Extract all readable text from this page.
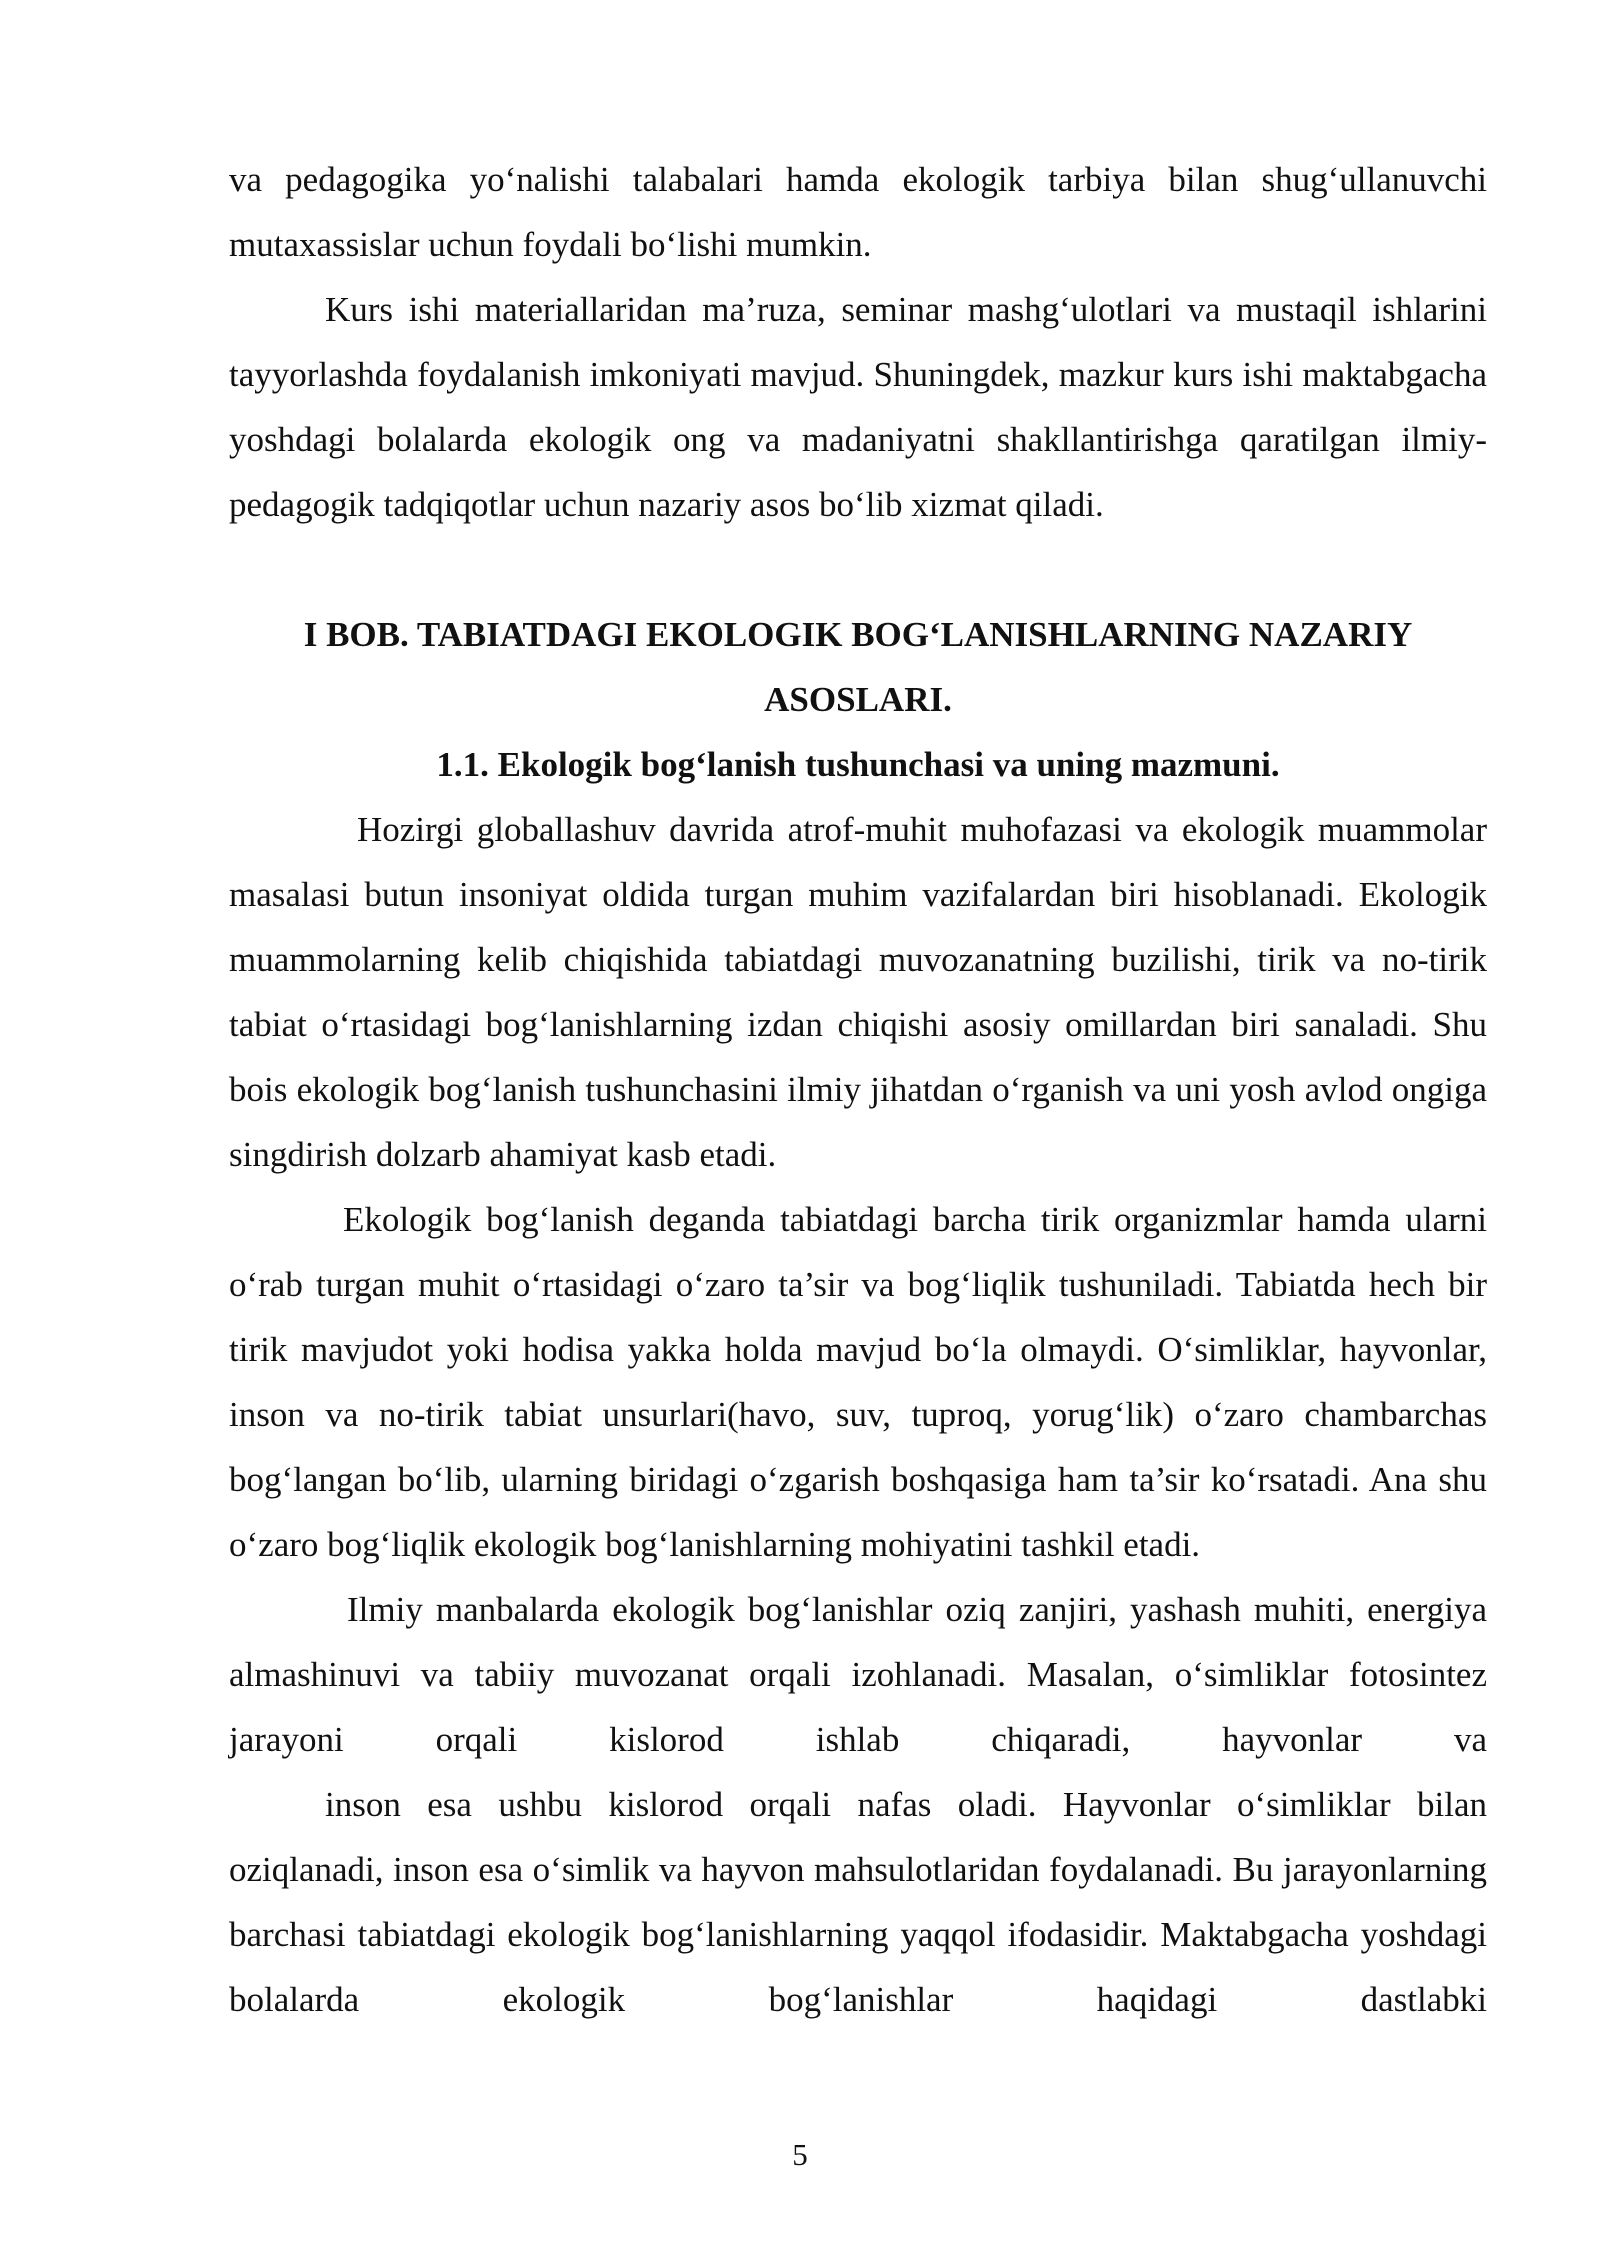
va pedagogika yo‘nalishi talabalari hamda ekologik tarbiya bilan shug‘ullanuvchi mutaxassislar uchun foydali bo‘lishi mumkin.

Kurs ishi materiallaridan ma’ruza, seminar mashg‘ulotlari va mustaqil ishlarini tayyorlashda foydalanish imkoniyati mavjud. Shuningdek, mazkur kurs ishi maktabgacha yoshdagi bolalarda ekologik ong va madaniyatni shakllantirishga qaratilgan ilmiy-pedagogik tadqiqotlar uchun nazariy asos bo‘lib xizmat qiladi.

I BOB. TABIATDAGI EKOLOGIK BOG‘LANISHLARNING NAZARIY

ASOSLARI.

1.1. Ekologik bog‘lanish tushunchasi va uning mazmuni.

Hozirgi globallashuv davrida atrof-muhit muhofazasi va ekologik muammolar masalasi butun insoniyat oldida turgan muhim vazifalardan biri hisoblanadi. Ekologik muammolarning kelib chiqishida tabiatdagi muvozanatning buzilishi, tirik va no-tirik tabiat o‘rtasidagi bog‘lanishlarning izdan chiqishi asosiy omillardan biri sanaladi. Shu bois ekologik bog‘lanish tushunchasini ilmiy jihatdan o‘rganish va uni yosh avlod ongiga singdirish dolzarb ahamiyat kasb etadi.

Ekologik bog‘lanish deganda tabiatdagi barcha tirik organizmlar hamda ularni o‘rab turgan muhit o‘rtasidagi o‘zaro ta’sir va bog‘liqlik tushuniladi. Tabiatda hech bir tirik mavjudot yoki hodisa yakka holda mavjud bo‘la olmaydi. O‘simliklar, hayvonlar, inson va no-tirik tabiat unsurlari(havo, suv, tuproq, yorug‘lik) o‘zaro chambarchas bog‘langan bo‘lib, ularning biridagi o‘zgarish boshqasiga ham ta’sir ko‘rsatadi. Ana shu o‘zaro bog‘liqlik ekologik bog‘lanishlarning mohiyatini tashkil etadi.

Ilmiy manbalarda ekologik bog‘lanishlar oziq zanjiri, yashash muhiti, energiya almashinuvi va tabiiy muvozanat orqali izohlanadi. Masalan, o‘simliklar fotosintez jarayoni orqali kislorod ishlab chiqaradi, hayvonlar va

inson esa ushbu kislorod orqali nafas oladi. Hayvonlar o‘simliklar bilan oziqlanadi, inson esa o‘simlik va hayvon mahsulotlaridan foydalanadi. Bu jarayonlarning barchasi tabiatdagi ekologik bog‘lanishlarning yaqqol ifodasidir. Maktabgacha yoshdagi bolalarda ekologik bog‘lanishlar haqidagi dastlabki

5
